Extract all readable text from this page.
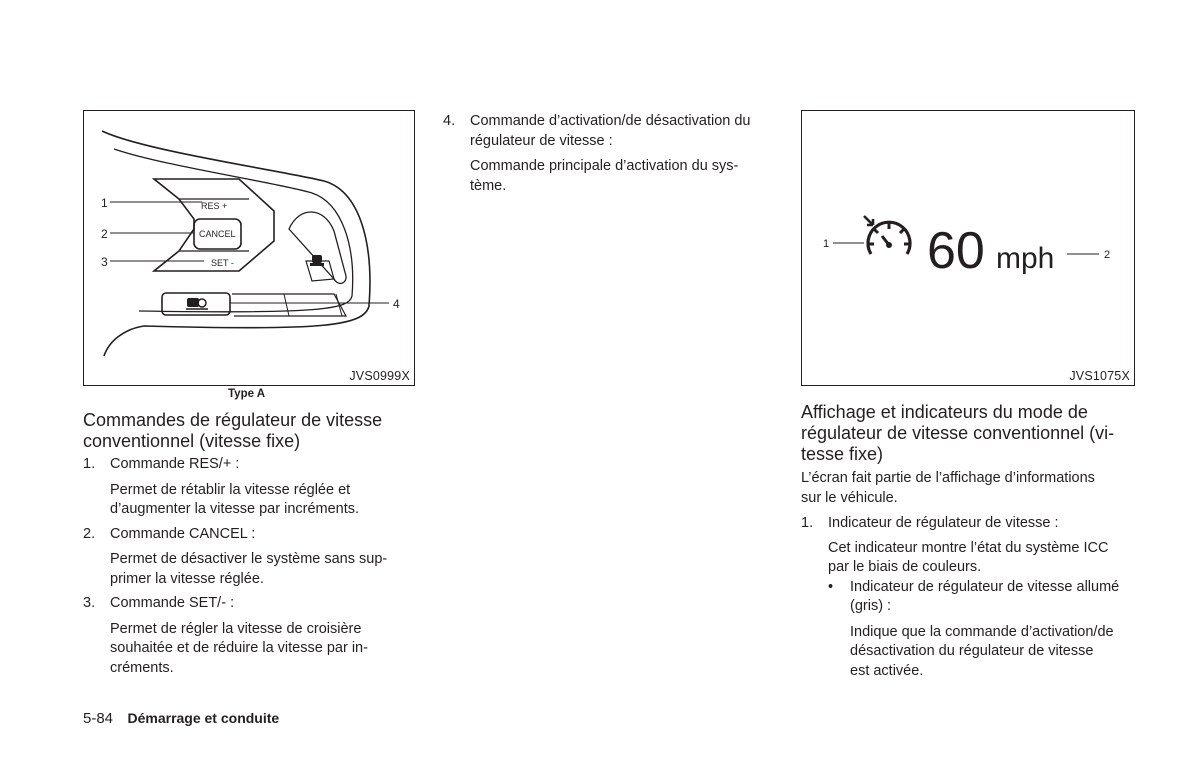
RES +
CANCEL
SET -
1
2
3
4
JVS0999X
Type A
Commandes de régulateur de vitesse
conventionnel (vitesse fixe)
1. Commande RES/+ :
Permet de rétablir la vitesse réglée et
d’augmenter la vitesse par incréments.
2. Commande CANCEL :
Permet de désactiver le système sans sup-
primer la vitesse réglée.
3. Commande SET/- :
Permet de régler la vitesse de croisière
souhaitée et de réduire la vitesse par in-
créments.
4. Commande d’activation/de désactivation du
régulateur de vitesse :
Commande principale d’activation du sys-
tème.
60 mph
1
2
JVS1075X
Affichage et indicateurs du mode de
régulateur de vitesse conventionnel (vi-
tesse fixe)
L’écran fait partie de l’affichage d’informations
sur le véhicule.
1. Indicateur de régulateur de vitesse :
Cet indicateur montre l’état du système ICC
par le biais de couleurs.
• Indicateur de régulateur de vitesse allumé
(gris) :
Indique que la commande d’activation/de
désactivation du régulateur de vitesse
est activée.
5-84 Démarrage et conduite
